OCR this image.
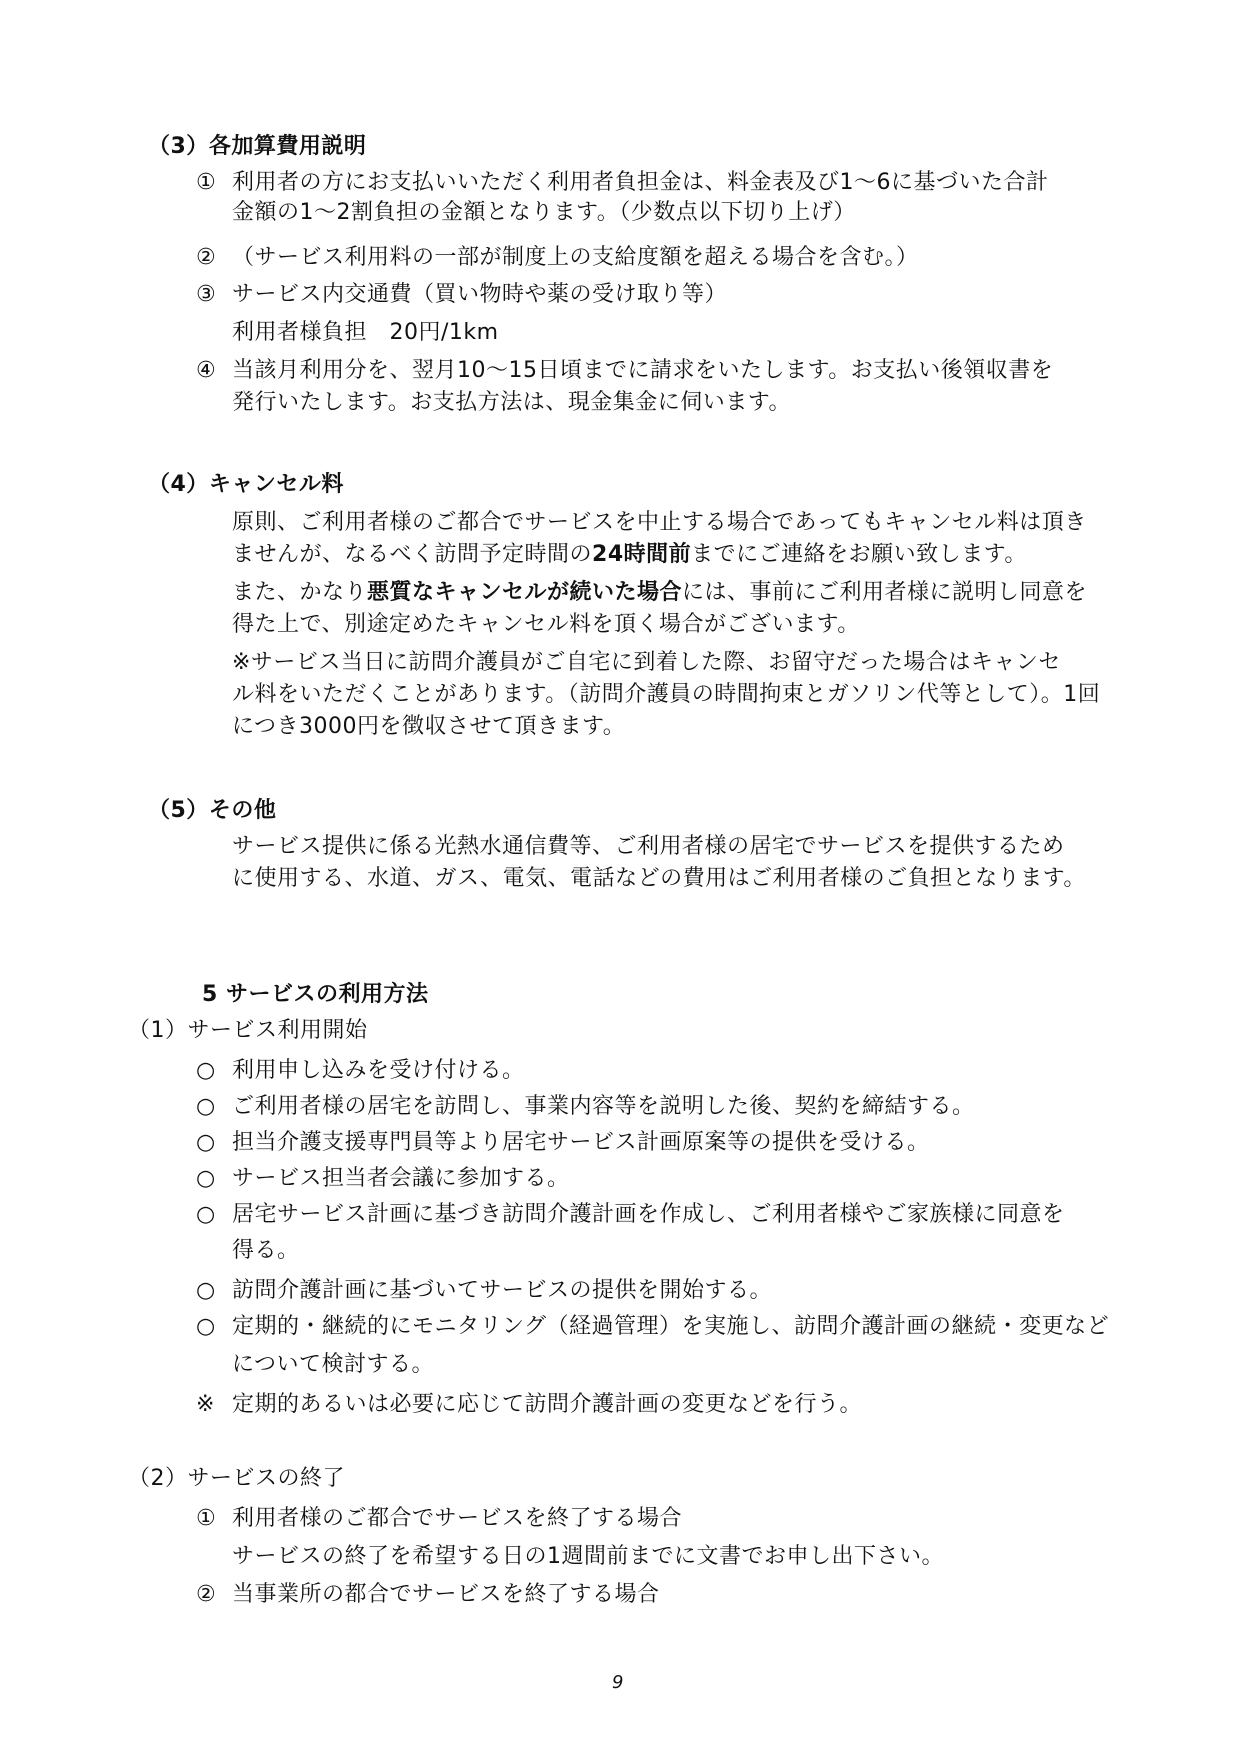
（3）各加算費用説明
① 利用者の方にお支払いいただく利用者負担金は、料金表及び1～6に基づいた合計
金額の1～2割負担の金額となります。（少数点以下切り上げ）
② （サービス利用料の一部が制度上の支給度額を超える場合を含む。）
③ サービス内交通費（買い物時や薬の受け取り等）
利用者様負担　20円/1km
④ 当該月利用分を、翌月10～15日頃までに請求をいたします。お支払い後領収書を
発行いたします。お支払方法は、現金集金に伺います。
（4）キャンセル料
原則、ご利用者様のご都合でサービスを中止する場合であってもキャンセル料は頂き
ませんが、なるべく訪問予定時間の24時間前までにご連絡をお願い致します。
また、かなり悪質なキャンセルが続いた場合には、事前にご利用者様に説明し同意を
得た上で、別途定めたキャンセル料を頂く場合がございます。
※サービス当日に訪問介護員がご自宅に到着した際、お留守だった場合はキャンセ
ル料をいただくことがあります。（訪問介護員の時間拘束とガソリン代等として）。1回
につき3000円を徴収させて頂きます。
（5）その他
サービス提供に係る光熱水通信費等、ご利用者様の居宅でサービスを提供するため
に使用する、水道、ガス、電気、電話などの費用はご利用者様のご負担となります。
5 サービスの利用方法
（1）サービス利用開始
○ 利用申し込みを受け付ける。
○ ご利用者様の居宅を訪問し、事業内容等を説明した後、契約を締結する。
○ 担当介護支援専門員等より居宅サービス計画原案等の提供を受ける。
○ サービス担当者会議に参加する。
○ 居宅サービス計画に基づき訪問介護計画を作成し、ご利用者様やご家族様に同意を
得る。
○ 訪問介護計画に基づいてサービスの提供を開始する。
○ 定期的・継続的にモニタリング（経過管理）を実施し、訪問介護計画の継続・変更など
について検討する。
※ 定期的あるいは必要に応じて訪問介護計画の変更などを行う。
（2）サービスの終了
① 利用者様のご都合でサービスを終了する場合
サービスの終了を希望する日の1週間前までに文書でお申し出下さい。
② 当事業所の都合でサービスを終了する場合
9
